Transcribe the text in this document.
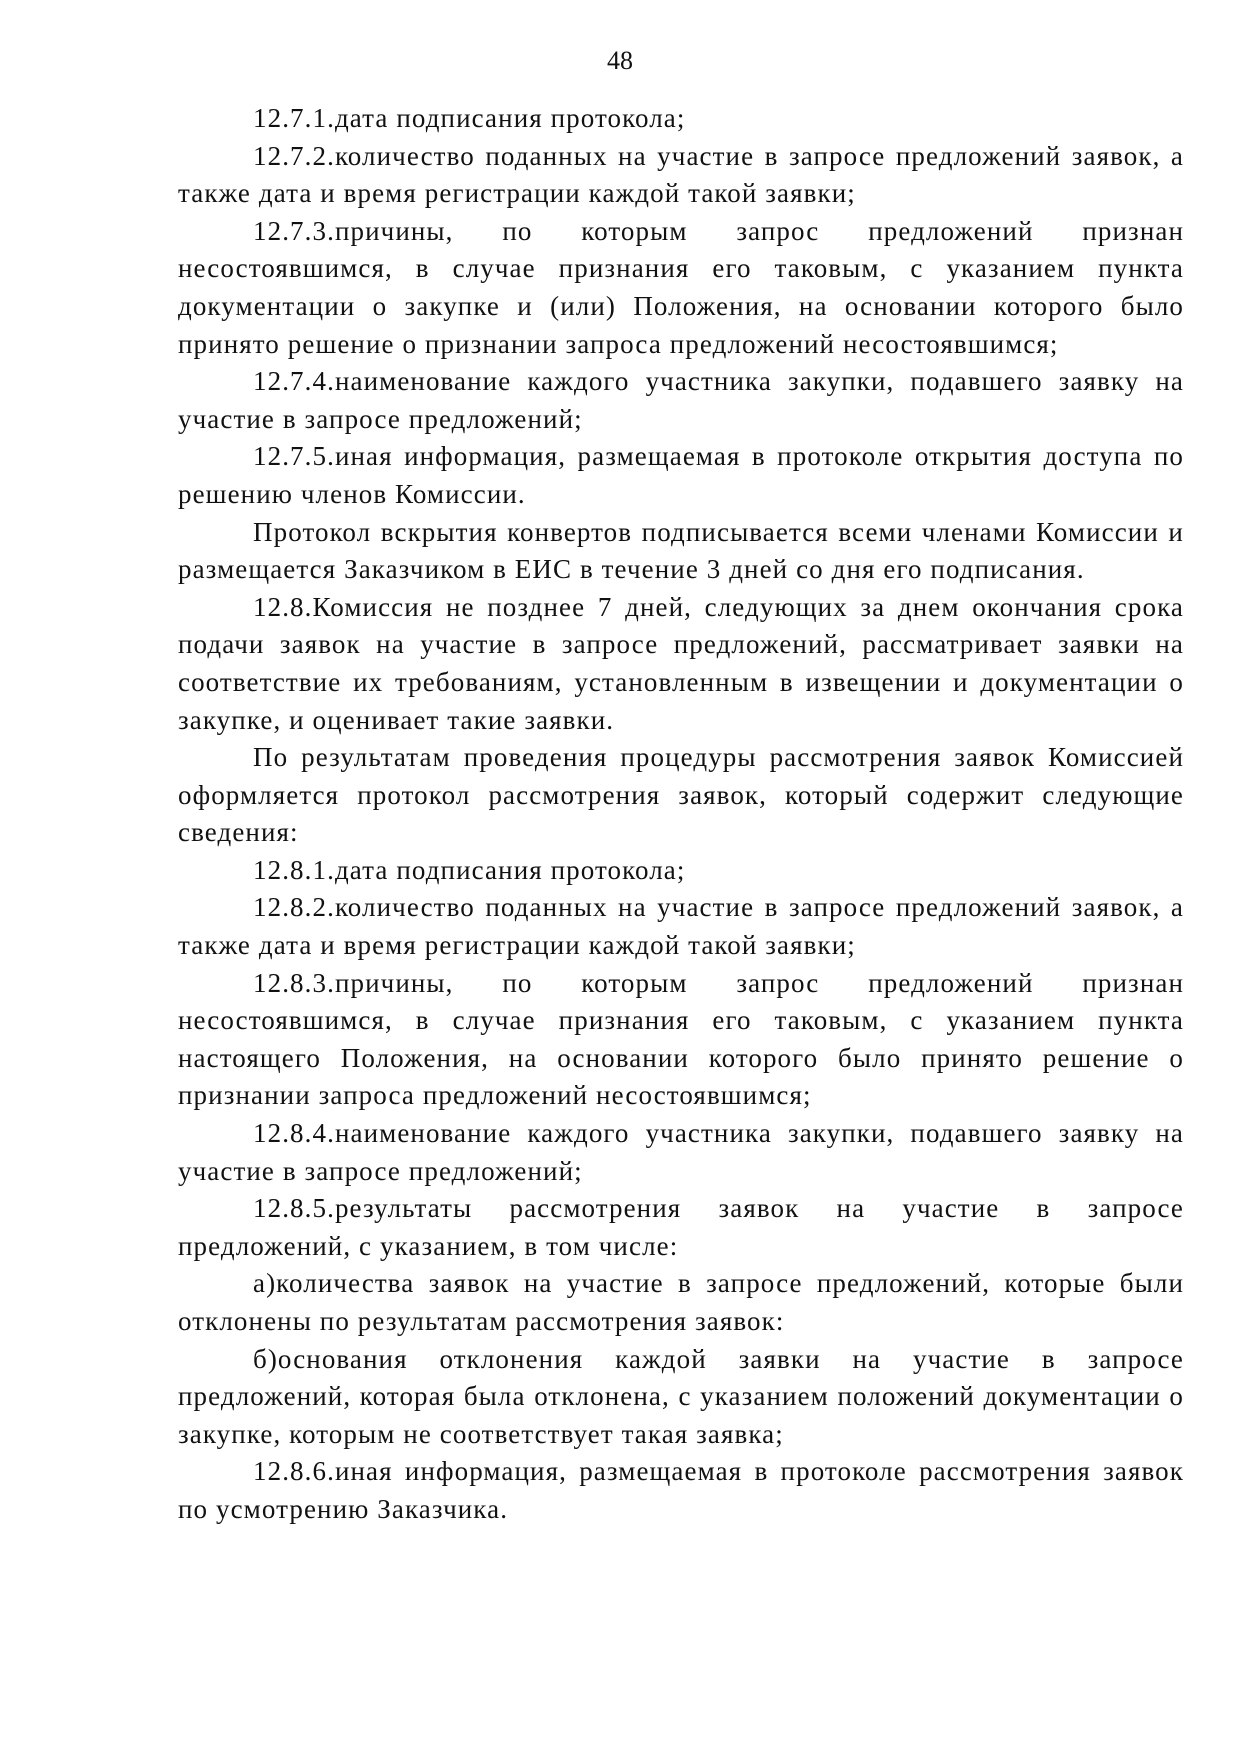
48

12.7.1.дата подписания протокола;

12.7.2.количество поданных на участие в запросе предложений заявок, а также дата и время регистрации каждой такой заявки;

12.7.3.причины, по которым запрос предложений признан несостоявшимся, в случае признания его таковым, с указанием пункта документации о закупке и (или) Положения, на основании которого было принято решение о признании запроса предложений несостоявшимся;

12.7.4.наименование каждого участника закупки, подавшего заявку на участие в запросе предложений;

12.7.5.иная информация, размещаемая в протоколе открытия доступа по решению членов Комиссии.

Протокол вскрытия конвертов подписывается всеми членами Комиссии и размещается Заказчиком в ЕИС в течение 3 дней со дня его подписания.

12.8.Комиссия не позднее 7 дней, следующих за днем окончания срока подачи заявок на участие в запросе предложений, рассматривает заявки на соответствие их требованиям, установленным в извещении и документации о закупке, и оценивает такие заявки.

По результатам проведения процедуры рассмотрения заявок Комиссией оформляется протокол рассмотрения заявок, который содержит следующие сведения:

12.8.1.дата подписания протокола;

12.8.2.количество поданных на участие в запросе предложений заявок, а также дата и время регистрации каждой такой заявки;

12.8.3.причины, по которым запрос предложений признан несостоявшимся, в случае признания его таковым, с указанием пункта настоящего Положения, на основании которого было принято решение о признании запроса предложений несостоявшимся;

12.8.4.наименование каждого участника закупки, подавшего заявку на участие в запросе предложений;

12.8.5.результаты рассмотрения заявок на участие в запросе предложений, с указанием, в том числе:

а)количества заявок на участие в запросе предложений, которые были отклонены по результатам рассмотрения заявок:

б)основания отклонения каждой заявки на участие в запросе предложений, которая была отклонена, с указанием положений документации о закупке, которым не соответствует такая заявка;

12.8.6.иная информация, размещаемая в протоколе рассмотрения заявок по усмотрению Заказчика.
